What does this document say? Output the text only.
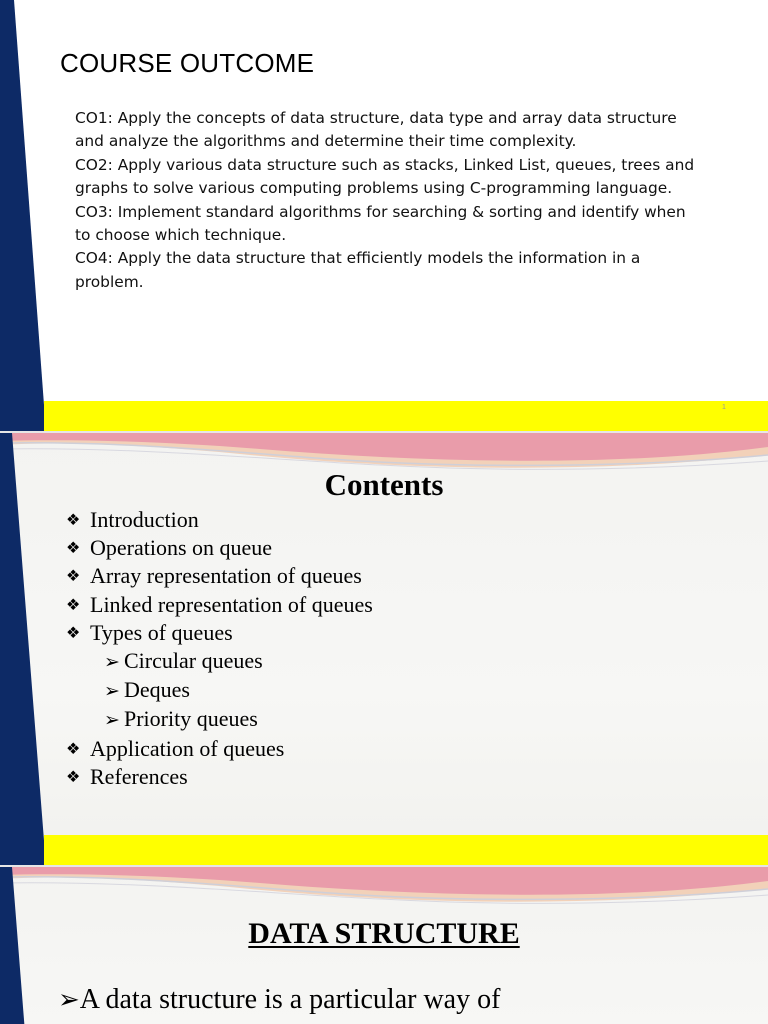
COURSE OUTCOME

CO1: Apply the concepts of data structure, data type and array data structure and analyze the algorithms and determine their time complexity.

CO2: Apply various data structure such as stacks, Linked List, queues, trees and graphs to solve various computing problems using C-programming language.

CO3: Implement standard algorithms for searching & sorting and identify when to choose which technique.

CO4: Apply the data structure that efficiently models the information in a problem.

1
Contents
❖ Introduction
❖ Operations on queue
❖ Array representation of queues
❖ Linked representation of queues
❖ Types of queues
➢ Circular queues
➢ Deques
➢ Priority queues
❖ Application of queues
❖ References
DATA STRUCTURE

➢A data structure is a particular way of
